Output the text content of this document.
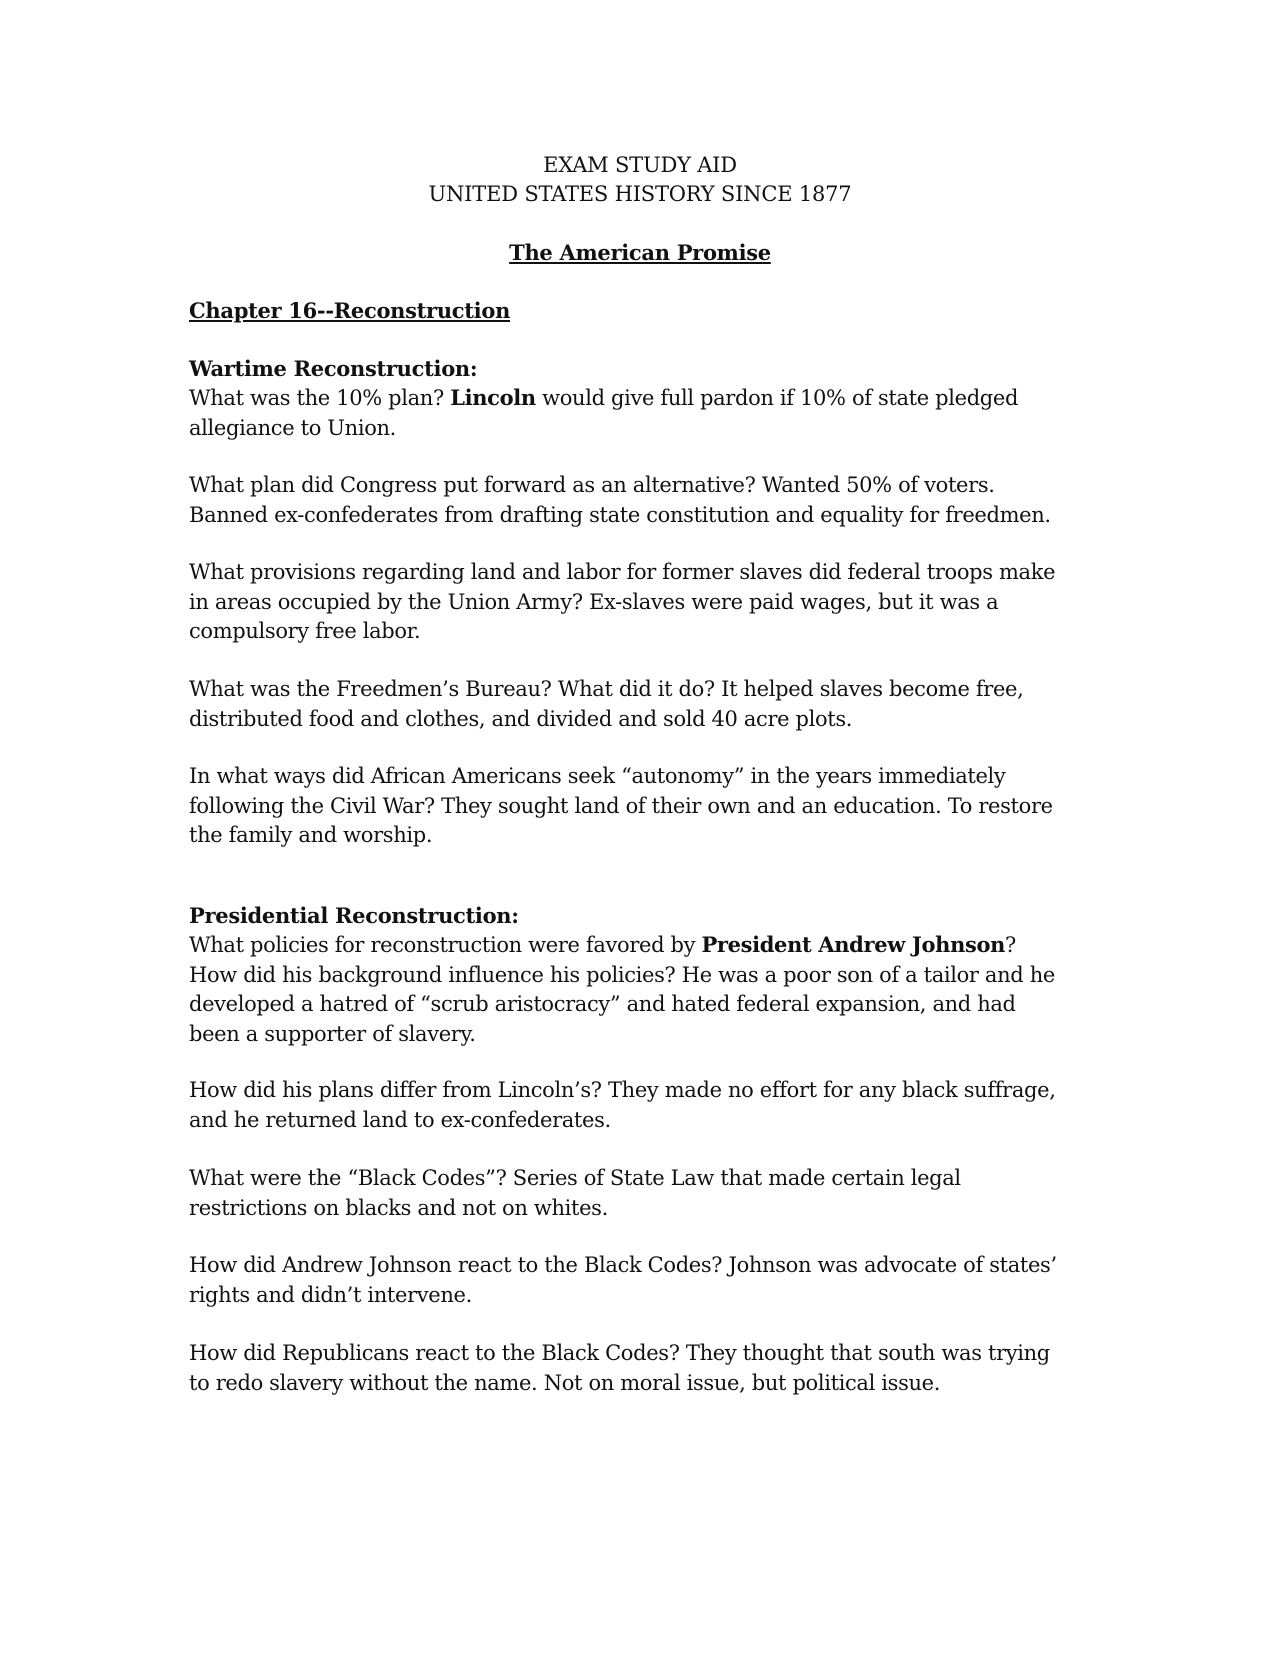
EXAM STUDY AID
UNITED STATES HISTORY SINCE 1877
The American Promise
Chapter 16--Reconstruction
Wartime Reconstruction:
What was the 10% plan? Lincoln would give full pardon if 10% of state pledged
allegiance to Union.
What plan did Congress put forward as an alternative? Wanted 50% of voters.
Banned ex-confederates from drafting state constitution and equality for freedmen.
What provisions regarding land and labor for former slaves did federal troops make
in areas occupied by the Union Army? Ex-slaves were paid wages, but it was a
compulsory free labor.
What was the Freedmen’s Bureau? What did it do? It helped slaves become free,
distributed food and clothes, and divided and sold 40 acre plots.
In what ways did African Americans seek “autonomy” in the years immediately
following the Civil War? They sought land of their own and an education. To restore
the family and worship.
Presidential Reconstruction:
What policies for reconstruction were favored by President Andrew Johnson?
How did his background influence his policies? He was a poor son of a tailor and he
developed a hatred of “scrub aristocracy” and hated federal expansion, and had
been a supporter of slavery.
How did his plans differ from Lincoln’s? They made no effort for any black suffrage,
and he returned land to ex-confederates.
What were the “Black Codes”? Series of State Law that made certain legal
restrictions on blacks and not on whites.
How did Andrew Johnson react to the Black Codes? Johnson was advocate of states’
rights and didn’t intervene.
How did Republicans react to the Black Codes? They thought that south was trying
to redo slavery without the name. Not on moral issue, but political issue.
